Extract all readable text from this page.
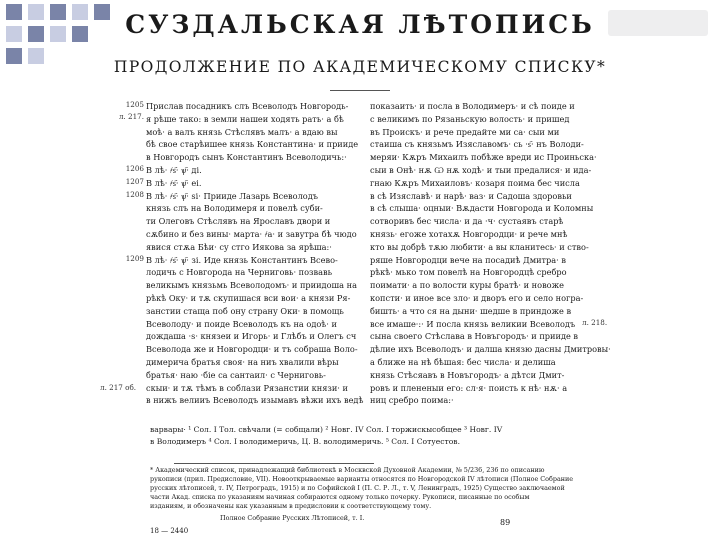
СУЗДАЛЬСКАЯ ЛѢТОПИСЬ
ПРОДОЛЖЕНИЕ ПО АКАДЕМИЧЕСКОМУ СПИСКУ*
1205
л. 217.
1206
1207
1208
1209
л. 217 об.
л. 218.
Прислав посадникъ слъ Всеволодъ Новгородь-
я рѣше тако: в земли нашеи ходять рать· а бѣ
моѣ· а валъ князь Стѣслявъ малъ· а вдаю вы
бѣ свое старѣишее князь Константина· и прииде
в Новгородъ сынъ Константинъ Всеволодичь:·
В лѣ· ҂ѕ҃· ѱ҃· ді.
В лѣ· ҂ѕ҃· ѱ҃· еі.
В лѣ· ҂ѕ҃· ѱ҃· ѕі· Прииде Лазарь Всеволодъ
князь слъ на Володимеря и повелѣ суби-
ти Олеговъ Стѣслявъ на Ярославъ двори и
сѫбино и без вины· марта· ҂а· и завутра бѣ чюдо
явися стѫа Бѣи· су стго Иякова за ярѣша:·
В лѣ· ҂ѕ҃· ѱ҃· зі. Иде князь Константинъ Всево-
лодичь с Новгорода на Черниговь· позвавь
великымъ князьмь Всеволодомъ· и приидоша на
рѣкѣ Оку· и тѫ скупишася вси вои· а князи Ря-
занстии стаща поб ону страну Оки· в помощь
Всеволоду· и поиде Всеволодъ къ на одоѣ· и
дождаша ·ѕ· князеи и Игорь· и Глѣбъ и Олегъ сч
Всеволода же и Новгородци· и тъ собраша Воло-
димерича братья своя· на ниъ хвалили вѣры
братья· наю ·біе са сантаил· с Черниговь-
скыи· и тѫ тѣмъ в соблази Рязанстии князи· и
в нижъ велииъ Всеволодъ изымавъ вѣжи ихъ ведѣ
показаить· и посла в Володимеръ· и сѣ поиде и
с великимъ по Рязаньскую волость· и пришед
въ Проискъ· и рече предайте ми са· сыи ми
стаиша съ князьмъ Изяславомъ· сь ·ѕ҃· нъ Володи-
меряи· Кѫръ Михаилъ побѣже вреди ис Проиньска·
сыи в Онѣ· нѫ Ѡ нѫ ходѣ· и тыи предалися· и ида-
гнаю Кѫръ Михаиловъ· козаря поима бес числа
в сѣ Изяславѣ· и нарѣ· ваз· и Садоша здоровьи
в сѣ слыша· оцныи· Вѫдасти Новгорода и Коломны
сотворивъ бес числа· и да ·ч· сустаявъ старѣ
князь· егоже хотахѫ Новгородци· и рече мнѣ
кто вы добрѣ тѫю любити· а вы кланитесь· и ство-
ряше Новгородци вече на посадиѣ Дмитра· в
рѣкѣ· мько том повелѣ на Новгородцѣ сребро
поимати· а по волости куры братѣ· и новоже
копсти· и иное все зло· и дворъ его и село ногра-
бишть· а что ся на дыни· шедше в приндоже в
все имаше·:· И посла князь великии Всеволодъ
сына своего Стѣслава в Новъгородъ· и прииде в
дѣлие ихъ Всеволодъ· и далша князю дасны Дмитровы·
а ближе на нѣ бѣшая: бес числа· и делиша
князь Стѣсяавъ в Новъгородъ· а дѣтси Дмит-
ровъ и плененыи его: сл·я· поисть к нѣ· нѫ· а
ниц сребро поима:·
варвары· ¹ Сол. I Тол. свѣчали (= собщали) ² Новг. IV Сол. I торжискысобщее ³ Новг. IV
в Володимеръ ⁴ Сол. I володимеричь, Ц. В. володимеричь. ⁵ Сол. I Сотуестов.
* Академический список, принадлежащий библиотекѣ в Москвской Духовной Академии, № 5/236, 236 по описанию
рукописи (прил. Предисловие, VII). Новооткрываемые варианты относятся по Новгородской IV лѣтописи (Полное Собрание
русских лѣтописей, т. IV, Петроградъ, 1915) и по Софийской I (П. С. Р. Л., т. V, Ленинградъ, 1925) Существо заключаемой
части Акад. списка по указаниям начиная собираются одному только почерку. Рукописи, писанные по особым
изданиям, и обозначены как указанным в предисловии к соответствующему тому.
Полное Собрание Русских Лѣтописей, т. I.
18 — 2440
89
